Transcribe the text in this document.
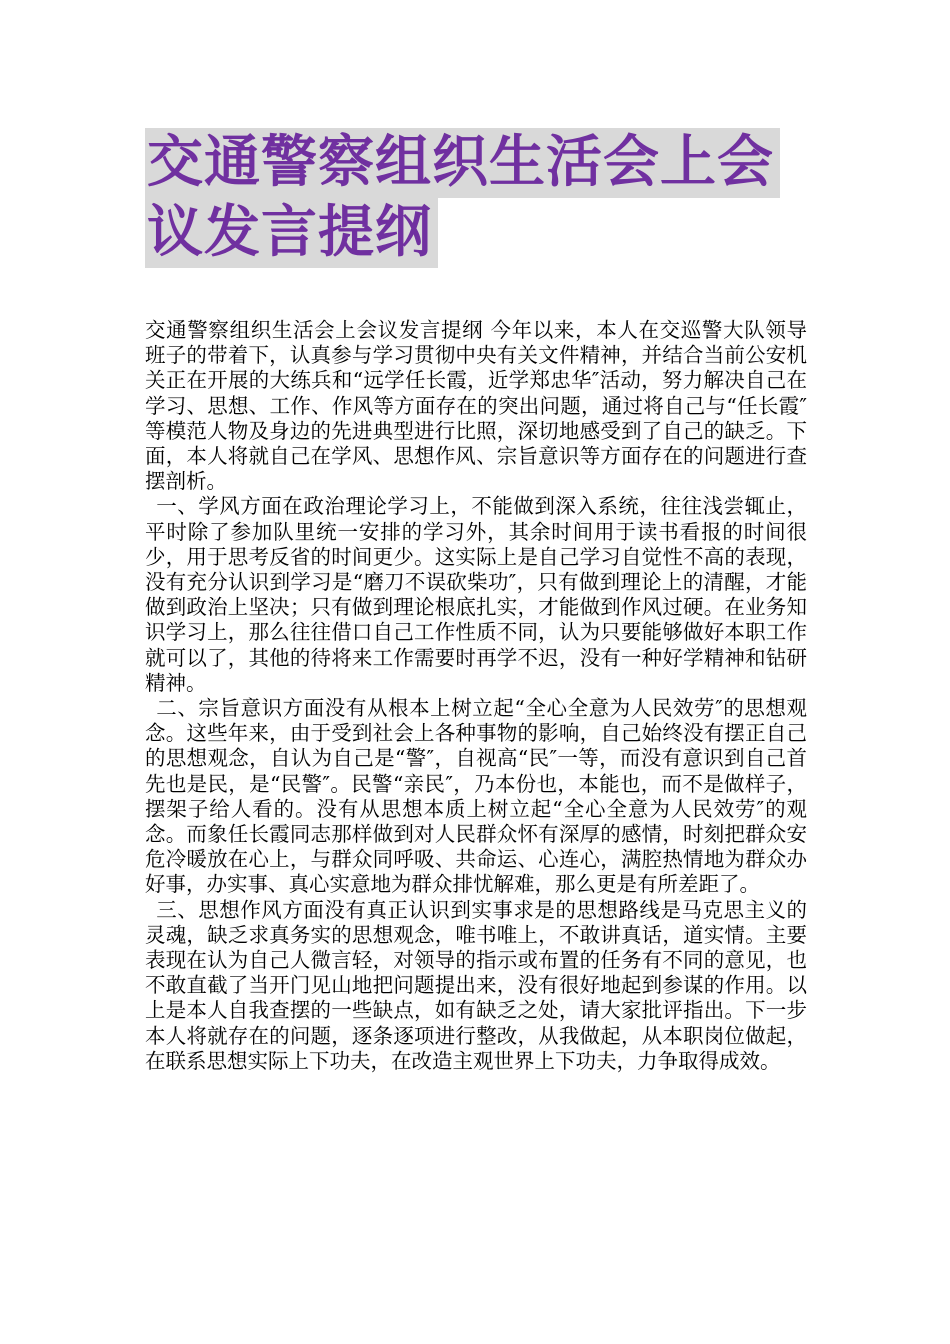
交通警察组织生活会上会
议发言提纲

交通警察组织生活会上会议发言提纲 今年以来，本人在交巡警大队领导班子的带着下，认真参与学习贯彻中央有关文件精神，并结合当前公安机关正在开展的大练兵和“远学任长霞，近学郑忠华″活动，努力解决自己在学习、思想、工作、作风等方面存在的突出问题，通过将自己与“任长霞″等模范人物及身边的先进典型进行比照，深切地感受到了自己的缺乏。下面，本人将就自己在学风、思想作风、宗旨意识等方面存在的问题进行查摆剖析。

一、学风方面在政治理论学习上，不能做到深入系统，往往浅尝辄止，平时除了参加队里统一安排的学习外，其余时间用于读书看报的时间很少，用于思考反省的时间更少。这实际上是自己学习自觉性不高的表现，没有充分认识到学习是“磨刀不误砍柴功″，只有做到理论上的清醒，才能做到政治上坚决；只有做到理论根底扎实，才能做到作风过硬。在业务知识学习上，那么往往借口自己工作性质不同，认为只要能够做好本职工作就可以了，其他的待将来工作需要时再学不迟，没有一种好学精神和钻研精神。

二、宗旨意识方面没有从根本上树立起“全心全意为人民效劳″的思想观念。这些年来，由于受到社会上各种事物的影响，自己始终没有摆正自己的思想观念，自认为自己是“警″，自视高“民″一等，而没有意识到自己首先也是民，是“民警″。民警“亲民″，乃本份也，本能也，而不是做样子，摆架子给人看的。没有从思想本质上树立起“全心全意为人民效劳″的观念。而象任长霞同志那样做到对人民群众怀有深厚的感情，时刻把群众安危冷暖放在心上，与群众同呼吸、共命运、心连心，满腔热情地为群众办好事，办实事、真心实意地为群众排忧解难，那么更是有所差距了。

三、思想作风方面没有真正认识到实事求是的思想路线是马克思主义的灵魂，缺乏求真务实的思想观念，唯书唯上，不敢讲真话，道实情。主要表现在认为自己人微言轻，对领导的指示或布置的任务有不同的意见，也不敢直截了当开门见山地把问题提出来，没有很好地起到参谋的作用。以上是本人自我查摆的一些缺点，如有缺乏之处，请大家批评指出。下一步本人将就存在的问题，逐条逐项进行整改，从我做起，从本职岗位做起，在联系思想实际上下功夫，在改造主观世界上下功夫，力争取得成效。
